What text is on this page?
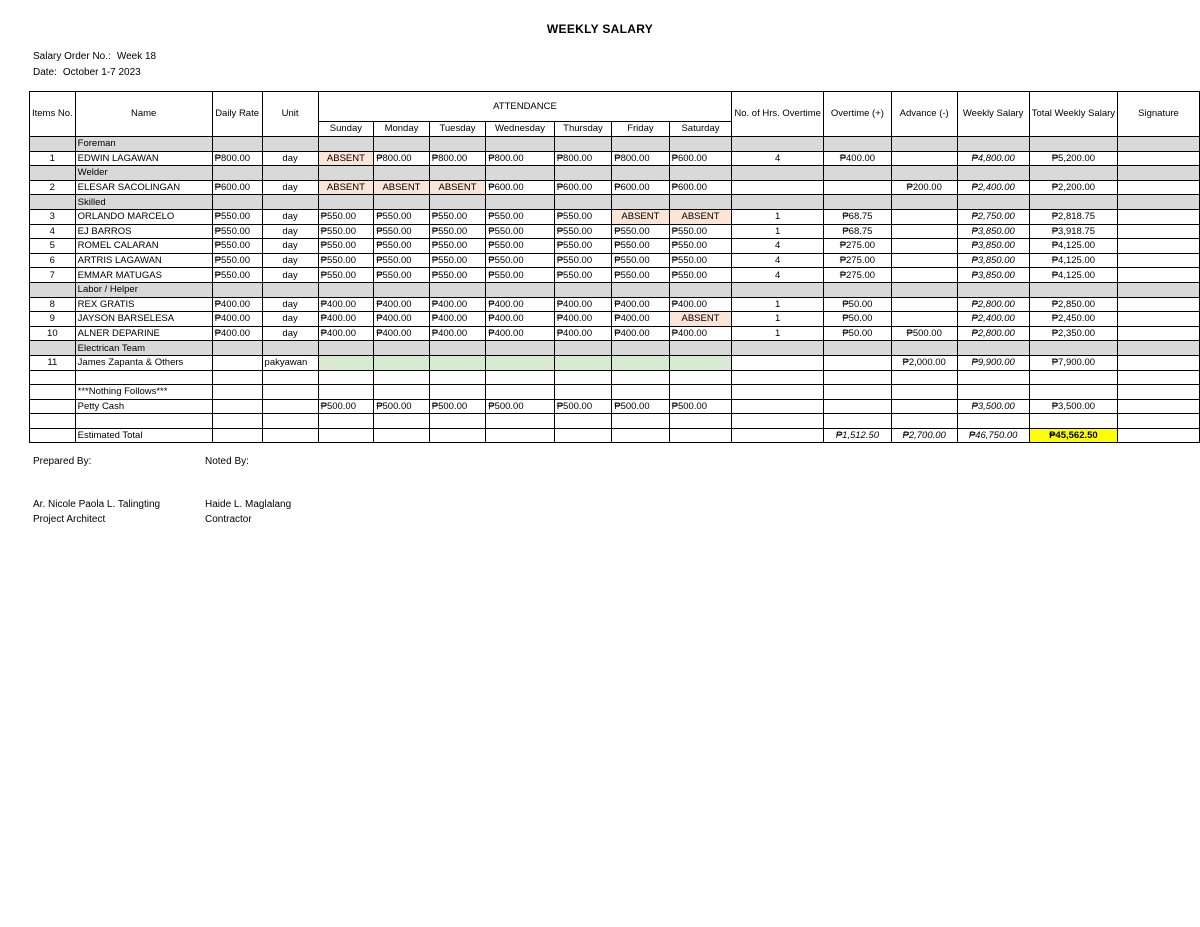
WEEKLY SALARY
Salary Order No.: Week 18
Date: October 1-7 2023
Items No.	Name	Daily Rate	Unit	ATTENDANCE							No. of Hrs. Overtime	Overtime (+)	Advance (-)	Weekly Salary	Total Weekly Salary	Signature
				Sunday	Monday	Tuesday	Wednesday	Thursday	Friday	Saturday						
	Foreman															
1	EDWIN LAGAWAN	₱800.00	day	ABSENT	₱800.00	₱800.00	₱800.00	₱800.00	₱800.00	₱600.00	4	₱400.00		₱4,800.00	₱5,200.00	
	Welder															
2	ELESAR SACOLINGAN	₱600.00	day	ABSENT	ABSENT	ABSENT	₱600.00	₱600.00	₱600.00	₱600.00			₱200.00	₱2,400.00	₱2,200.00	
	Skilled															
3	ORLANDO MARCELO	₱550.00	day	₱550.00	₱550.00	₱550.00	₱550.00	₱550.00	ABSENT	ABSENT	1	₱68.75		₱2,750.00	₱2,818.75	
4	EJ BARROS	₱550.00	day	₱550.00	₱550.00	₱550.00	₱550.00	₱550.00	₱550.00	₱550.00	1	₱68.75		₱3,850.00	₱3,918.75	
5	ROMEL CALARAN	₱550.00	day	₱550.00	₱550.00	₱550.00	₱550.00	₱550.00	₱550.00	₱550.00	4	₱275.00		₱3,850.00	₱4,125.00	
6	ARTRIS LAGAWAN	₱550.00	day	₱550.00	₱550.00	₱550.00	₱550.00	₱550.00	₱550.00	₱550.00	4	₱275.00		₱3,850.00	₱4,125.00	
7	EMMAR MATUGAS	₱550.00	day	₱550.00	₱550.00	₱550.00	₱550.00	₱550.00	₱550.00	₱550.00	4	₱275.00		₱3,850.00	₱4,125.00	
	Labor / Helper															
8	REX GRATIS	₱400.00	day	₱400.00	₱400.00	₱400.00	₱400.00	₱400.00	₱400.00	₱400.00	1	₱50.00		₱2,800.00	₱2,850.00	
9	JAYSON BARSELESA	₱400.00	day	₱400.00	₱400.00	₱400.00	₱400.00	₱400.00	₱400.00	ABSENT	1	₱50.00		₱2,400.00	₱2,450.00	
10	ALNER DEPARINE	₱400.00	day	₱400.00	₱400.00	₱400.00	₱400.00	₱400.00	₱400.00	₱400.00	1	₱50.00	₱500.00	₱2,800.00	₱2,350.00	
	Electrican Team															
11	James Zapanta & Others		pakyawan										₱2,000.00	₱9,900.00	₱7,900.00	

	***Nothing Follows***															
	Petty Cash			₱500.00	₱500.00	₱500.00	₱500.00	₱500.00	₱500.00	₱500.00				₱3,500.00	₱3,500.00	

	Estimated Total											₱1,512.50	₱2,700.00	₱46,750.00	₱45,562.50	
Prepared By:	Noted By:
Ar. Nicole Paola L. Talingting
Project Architect
Haide L. Maglalang
Contractor
